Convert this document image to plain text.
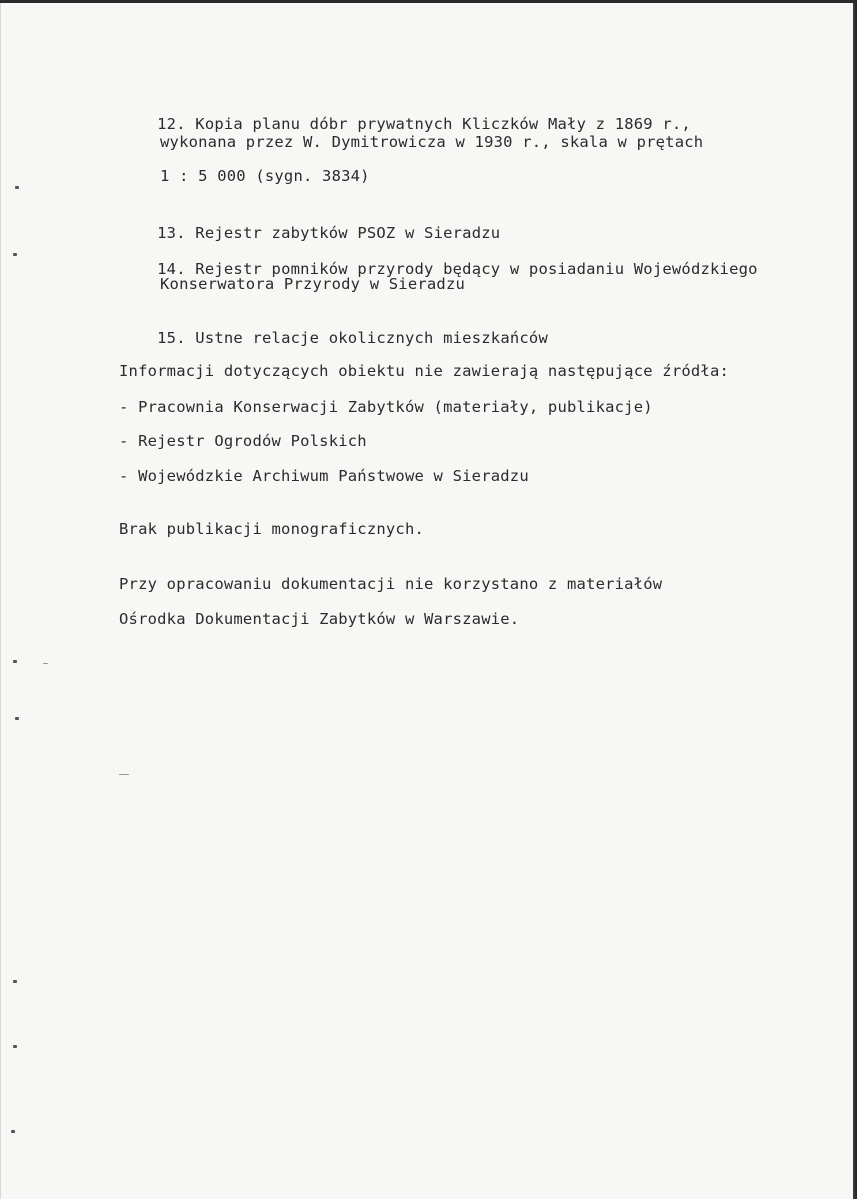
12. Kopia planu dóbr prywatnych Kliczków Mały z 1869 r.,

wykonana przez W. Dymitrowicza w 1930 r., skala w prętach
1 : 5 000 (sygn. 3834)

13. Rejestr zabytków PSOZ w Sieradzu

14. Rejestr pomników przyrody będący w posiadaniu Wojewódzkiego

Konserwatora Przyrody w Sieradzu

15. Ustne relacje okolicznych mieszkańców

Informacji dotyczących obiektu nie zawierają następujące źródła:
- Pracownia Konserwacji Zabytków (materiały, publikacje)
- Rejestr Ogrodów Polskich
- Wojewódzkie Archiwum Państwowe w Sieradzu
Brak publikacji monograficznych.
Przy opracowaniu dokumentacji nie korzystano z materiałów
Ośrodka Dokumentacji Zabytków w Warszawie.
